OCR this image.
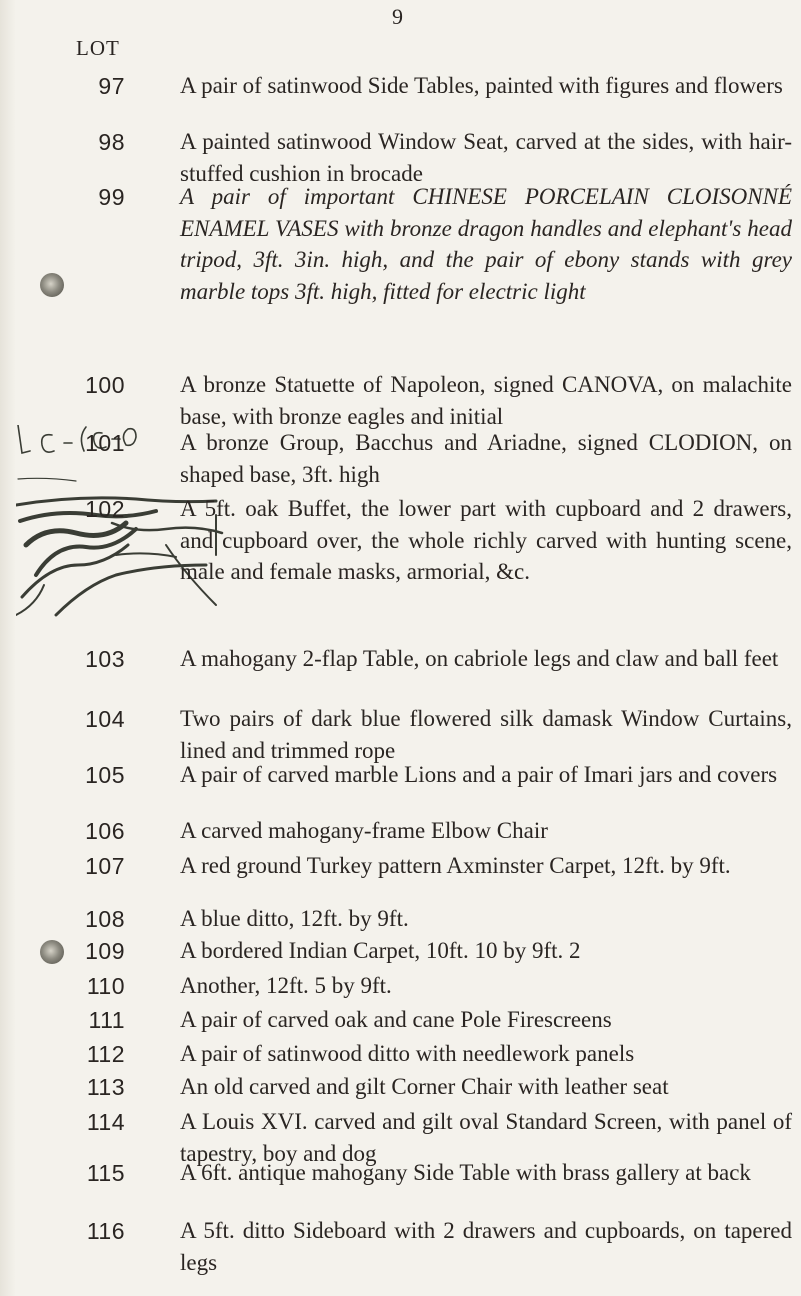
9
LOT
97 A pair of satinwood Side Tables, painted with figures and flowers
98 A painted satinwood Window Seat, carved at the sides, with hair-stuffed cushion in brocade
99 A pair of important CHINESE PORCELAIN CLOISONNÉ ENAMEL VASES with bronze dragon handles and elephant's head tripod, 3ft. 3in. high, and the pair of ebony stands with grey marble tops 3ft. high, fitted for electric light
100 A bronze Statuette of Napoleon, signed CANOVA, on malachite base, with bronze eagles and initial
101 A bronze Group, Bacchus and Ariadne, signed CLODION, on shaped base, 3ft. high
102 A 5ft. oak Buffet, the lower part with cupboard and 2 drawers, and cupboard over, the whole richly carved with hunting scene, male and female masks, armorial, &c.
103 A mahogany 2-flap Table, on cabriole legs and claw and ball feet
104 Two pairs of dark blue flowered silk damask Window Curtains, lined and trimmed rope
105 A pair of carved marble Lions and a pair of Imari jars and covers
106 A carved mahogany-frame Elbow Chair
107 A red ground Turkey pattern Axminster Carpet, 12ft. by 9ft.
108 A blue ditto, 12ft. by 9ft.
109 A bordered Indian Carpet, 10ft. 10 by 9ft. 2
110 Another, 12ft. 5 by 9ft.
111 A pair of carved oak and cane Pole Firescreens
112 A pair of satinwood ditto with needlework panels
113 An old carved and gilt Corner Chair with leather seat
114 A Louis XVI. carved and gilt oval Standard Screen, with panel of tapestry, boy and dog
115 A 6ft. antique mahogany Side Table with brass gallery at back
116 A 5ft. ditto Sideboard with 2 drawers and cupboards, on tapered legs
